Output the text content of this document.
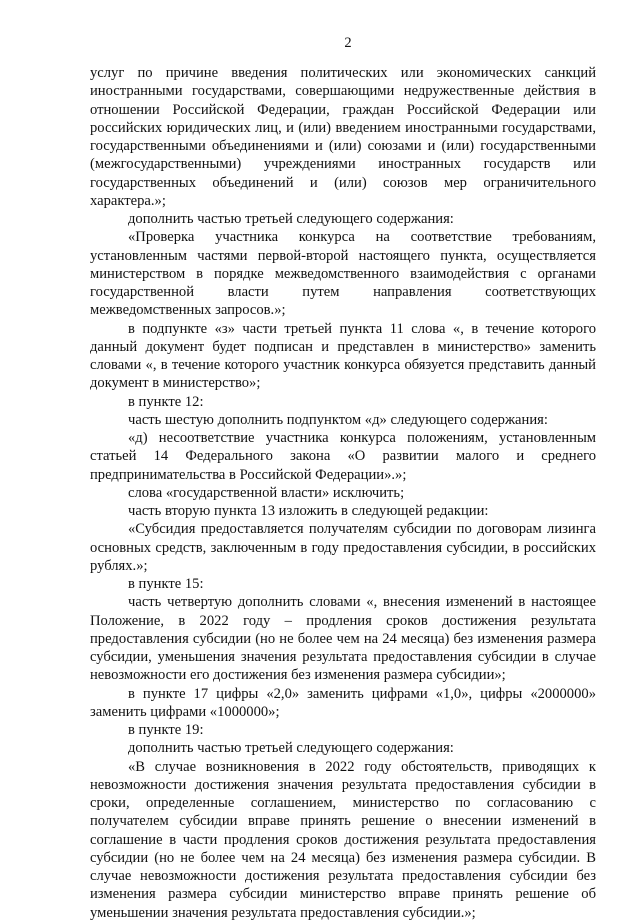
2

услуг по причине введения политических или экономических санкций иностранными государствами, совершающими недружественные действия в отношении Российской Федерации, граждан Российской Федерации или российских юридических лиц, и (или) введением иностранными государствами, государственными объединениями и (или) союзами и (или) государственными (межгосударственными) учреждениями иностранных государств или государственных объединений и (или) союзов мер ограничительного характера.»;

дополнить частью третьей следующего содержания:

«Проверка участника конкурса на соответствие требованиям, установленным частями первой-второй настоящего пункта, осуществляется министерством в порядке межведомственного взаимодействия с органами государственной власти путем направления соответствующих межведомственных запросов.»;

в подпункте «з» части третьей пункта 11 слова «, в течение которого данный документ будет подписан и представлен в министерство» заменить словами «, в течение которого участник конкурса обязуется представить данный документ в министерство»;

в пункте 12:

часть шестую дополнить подпунктом «д» следующего содержания:

«д) несоответствие участника конкурса положениям, установленным статьей 14 Федерального закона «О развитии малого и среднего предпринимательства в Российской Федерации».»;

слова «государственной власти» исключить;

часть вторую пункта 13 изложить в следующей редакции:

«Субсидия предоставляется получателям субсидии по договорам лизинга основных средств, заключенным в году предоставления субсидии, в российских рублях.»;

в пункте 15:

часть четвертую дополнить словами «, внесения изменений в настоящее Положение, в 2022 году – продления сроков достижения результата предоставления субсидии (но не более чем на 24 месяца) без изменения размера субсидии, уменьшения значения результата предоставления субсидии в случае невозможности его достижения без изменения размера субсидии»;

в пункте 17 цифры «2,0» заменить цифрами «1,0», цифры «2000000» заменить цифрами «1000000»;

в пункте 19:

дополнить частью третьей следующего содержания:

«В случае возникновения в 2022 году обстоятельств, приводящих к невозможности достижения значения результата предоставления субсидии в сроки, определенные соглашением, министерство по согласованию с получателем субсидии вправе принять решение о внесении изменений в соглашение в части продления сроков достижения результата предоставления субсидии (но не более чем на 24 месяца) без изменения размера субсидии. В случае невозможности достижения результата предоставления субсидии без изменения размера субсидии министерство вправе принять решение об уменьшении значения результата предоставления субсидии.»;
